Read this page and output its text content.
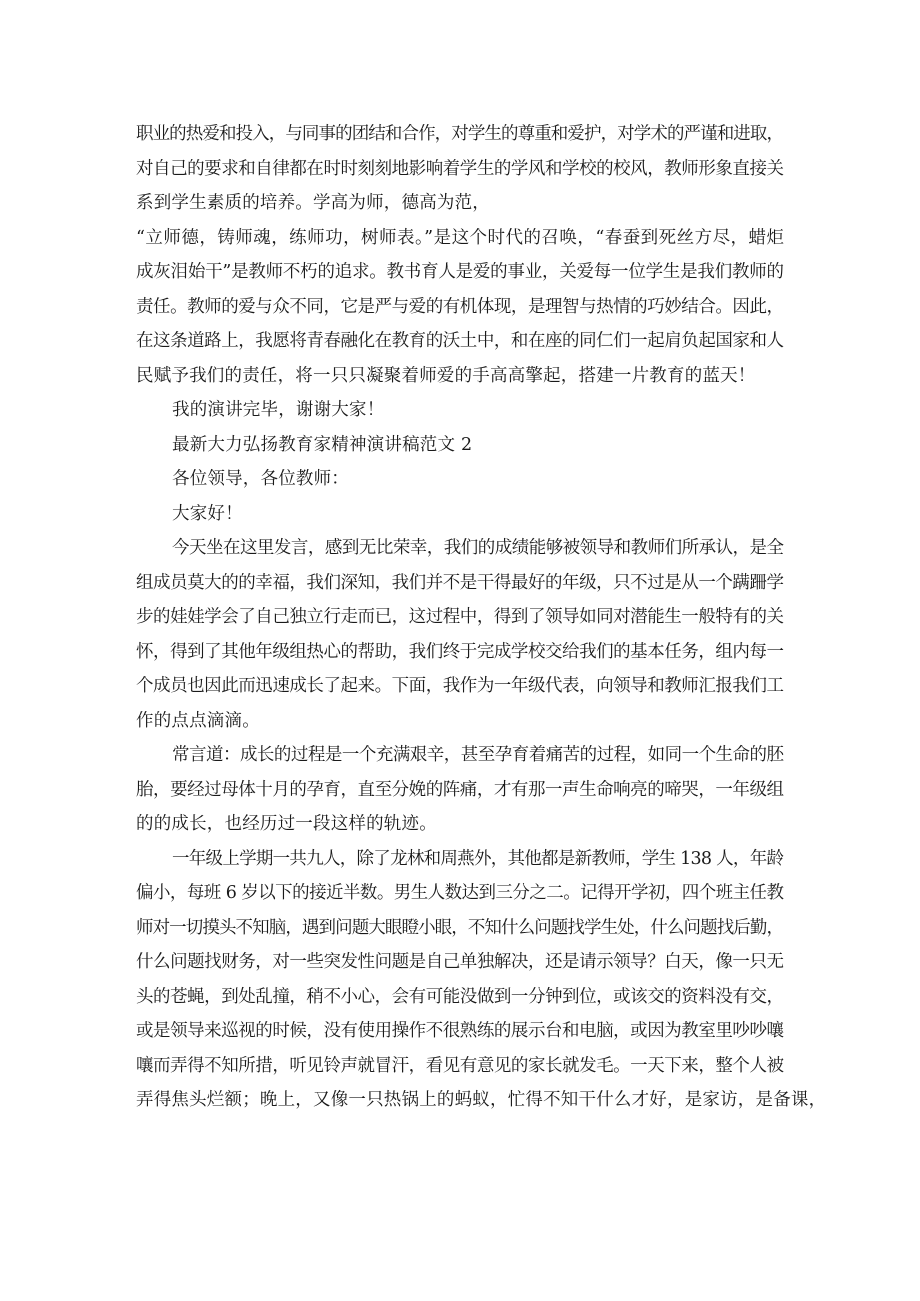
职业的热爱和投入，与同事的团结和合作，对学生的尊重和爱护，对学术的严谨和进取，
对自己的要求和自律都在时时刻刻地影响着学生的学风和学校的校风，教师形象直接关
系到学生素质的培养。学高为师，德高为范，

“立师德，铸师魂，练师功，树师表。”是这个时代的召唤，“春蚕到死丝方尽，蜡炬
成灰泪始干”是教师不朽的追求。教书育人是爱的事业，关爱每一位学生是我们教师的
责任。教师的爱与众不同，它是严与爱的有机体现，是理智与热情的巧妙结合。因此，
在这条道路上，我愿将青春融化在教育的沃土中，和在座的同仁们一起肩负起国家和人
民赋予我们的责任，将一只只凝聚着师爱的手高高擎起，搭建一片教育的蓝天！

我的演讲完毕，谢谢大家！

最新大力弘扬教育家精神演讲稿范文 2

各位领导，各位教师：

大家好！

今天坐在这里发言，感到无比荣幸，我们的成绩能够被领导和教师们所承认，是全
组成员莫大的的幸福，我们深知，我们并不是干得最好的年级，只不过是从一个蹒跚学
步的娃娃学会了自己独立行走而已，这过程中，得到了领导如同对潜能生一般特有的关
怀，得到了其他年级组热心的帮助，我们终于完成学校交给我们的基本任务，组内每一
个成员也因此而迅速成长了起来。下面，我作为一年级代表，向领导和教师汇报我们工
作的点点滴滴。

常言道：成长的过程是一个充满艰辛，甚至孕育着痛苦的过程，如同一个生命的胚
胎，要经过母体十月的孕育，直至分娩的阵痛，才有那一声生命响亮的啼哭，一年级组
的的成长，也经历过一段这样的轨迹。

一年级上学期一共九人，除了龙林和周燕外，其他都是新教师，学生 138 人，年龄
偏小，每班 6 岁以下的接近半数。男生人数达到三分之二。记得开学初，四个班主任教
师对一切摸头不知脑，遇到问题大眼瞪小眼，不知什么问题找学生处，什么问题找后勤，
什么问题找财务，对一些突发性问题是自己单独解决，还是请示领导？白天，像一只无
头的苍蝇，到处乱撞，稍不小心，会有可能没做到一分钟到位，或该交的资料没有交，
或是领导来巡视的时候，没有使用操作不很熟练的展示台和电脑，或因为教室里吵吵嚷
嚷而弄得不知所措，听见铃声就冒汗，看见有意见的家长就发毛。一天下来，整个人被
弄得焦头烂额；晚上，又像一只热锅上的蚂蚁，忙得不知干什么才好，是家访，是备课，
